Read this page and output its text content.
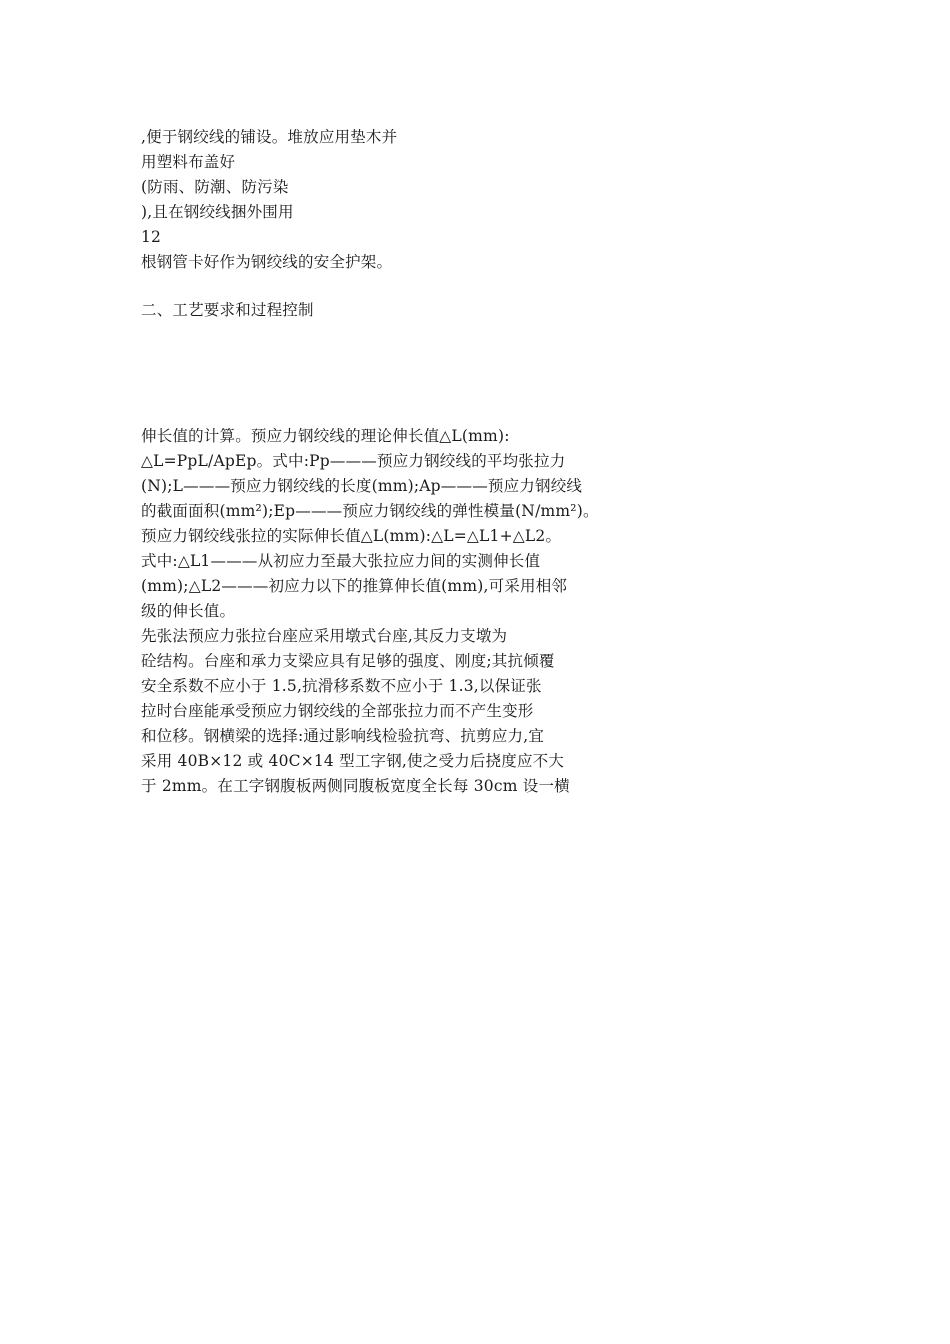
,便于钢绞线的铺设。堆放应用垫木并
用塑料布盖好
(防雨、防潮、防污染
),且在钢绞线捆外围用
12
根钢管卡好作为钢绞线的安全护架。
二、工艺要求和过程控制
伸长值的计算。预应力钢绞线的理论伸长值△L(mm):
△L=PpL/ApEp。式中:Pp———预应力钢绞线的平均张拉力
(N);L———预应力钢绞线的长度(mm);Ap———预应力钢绞线
的截面面积(mm²);Ep———预应力钢绞线的弹性模量(N/mm²)。
预应力钢绞线张拉的实际伸长值△L(mm):△L=△L1+△L2。
式中:△L1———从初应力至最大张拉应力间的实测伸长值
(mm);△L2———初应力以下的推算伸长值(mm),可采用相邻
级的伸长值。
先张法预应力张拉台座应采用墩式台座,其反力支墩为
砼结构。台座和承力支梁应具有足够的强度、刚度;其抗倾覆
安全系数不应小于 1.5,抗滑移系数不应小于 1.3,以保证张
拉时台座能承受预应力钢绞线的全部张拉力而不产生变形
和位移。钢横梁的选择:通过影响线检验抗弯、抗剪应力,宜
采用 40B×12 或 40C×14 型工字钢,使之受力后挠度应不大
于 2mm。在工字钢腹板两侧同腹板宽度全长每 30cm 设一横
